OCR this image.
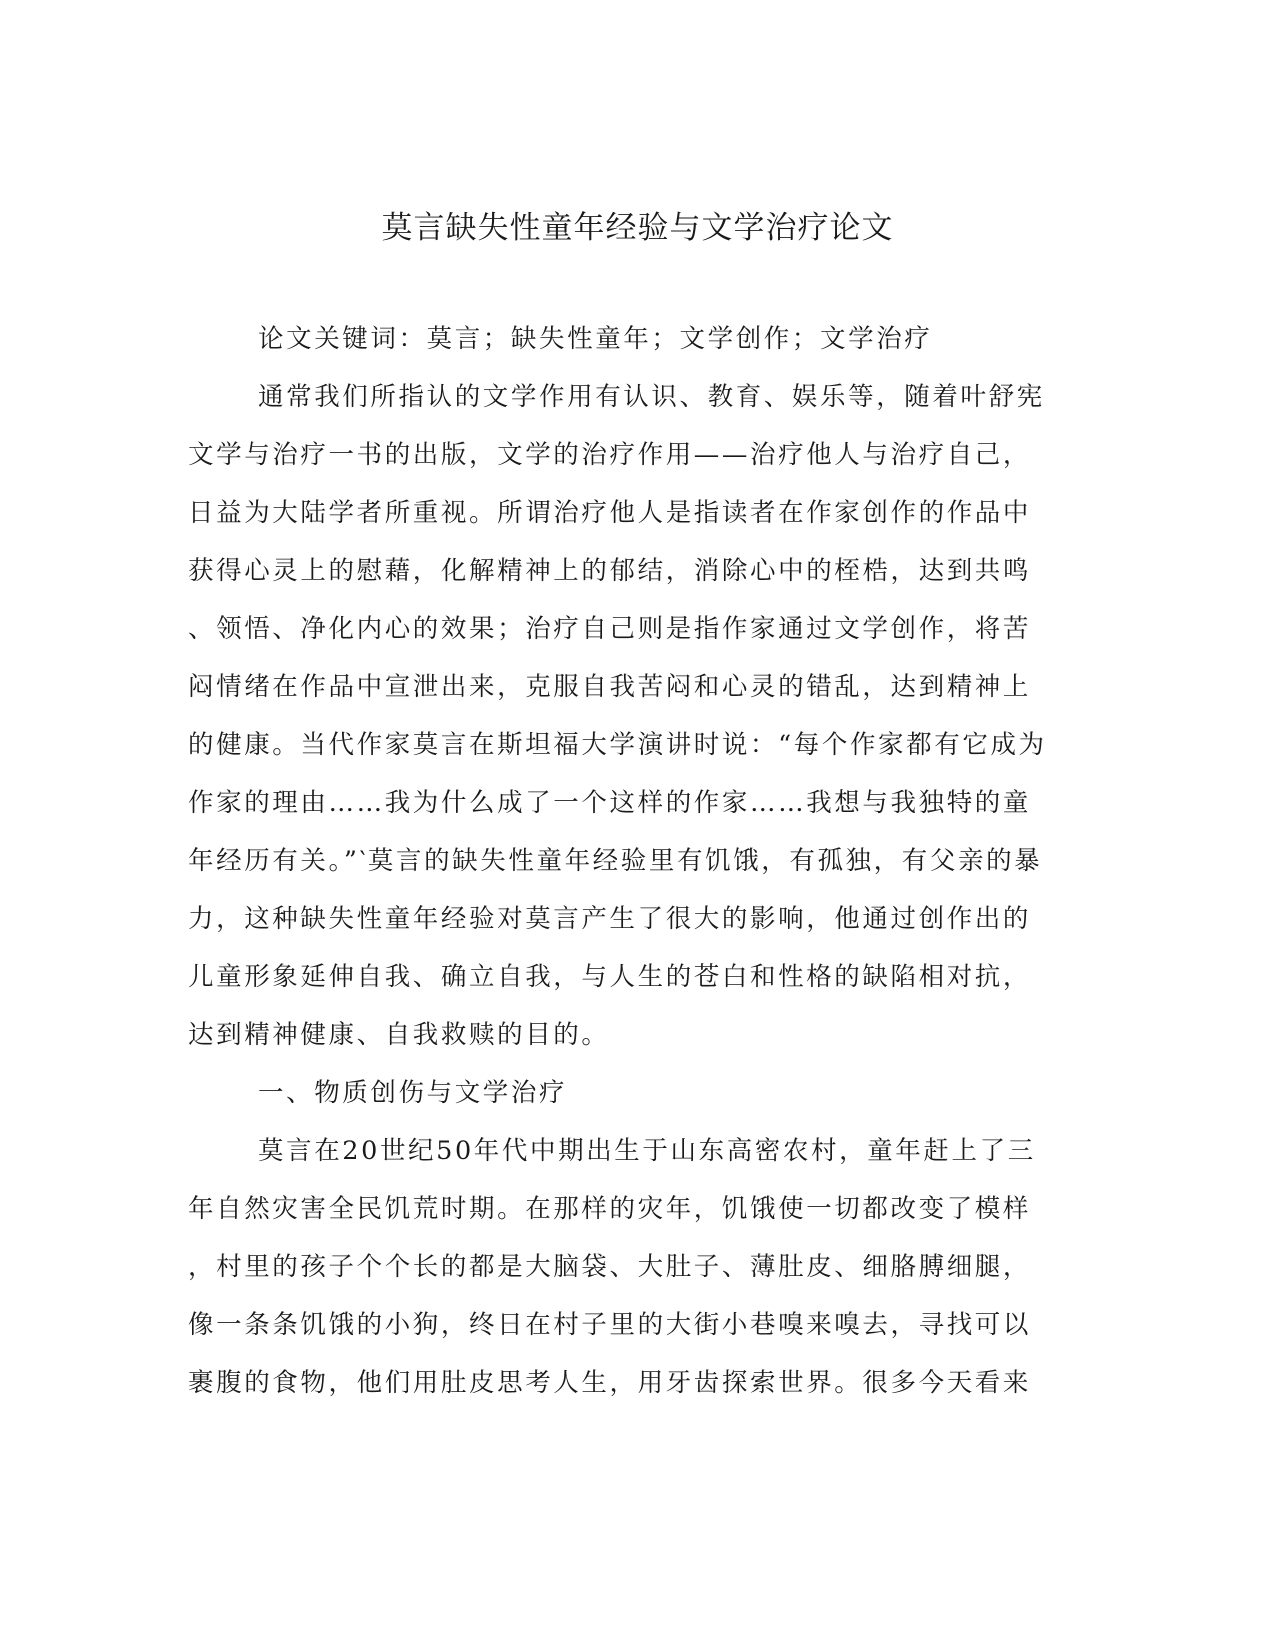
莫言缺失性童年经验与文学治疗论文
论文关键词：莫言；缺失性童年；文学创作；文学治疗
通常我们所指认的文学作用有认识、教育、娱乐等，随着叶舒宪
文学与治疗一书的出版，文学的治疗作用——治疗他人与治疗自己，
日益为大陆学者所重视。所谓治疗他人是指读者在作家创作的作品中
获得心灵上的慰藉，化解精神上的郁结，消除心中的桎梏，达到共鸣
、领悟、净化内心的效果；治疗自己则是指作家通过文学创作，将苦
闷情绪在作品中宣泄出来，克服自我苦闷和心灵的错乱，达到精神上
的健康。当代作家莫言在斯坦福大学演讲时说：“每个作家都有它成为
作家的理由……我为什么成了一个这样的作家……我想与我独特的童
年经历有关。”‵莫言的缺失性童年经验里有饥饿，有孤独，有父亲的暴
力，这种缺失性童年经验对莫言产生了很大的影响，他通过创作出的
儿童形象延伸自我、确立自我，与人生的苍白和性格的缺陷相对抗，
达到精神健康、自我救赎的目的。
一、物质创伤与文学治疗
莫言在20世纪50年代中期出生于山东高密农村，童年赶上了三
年自然灾害全民饥荒时期。在那样的灾年，饥饿使一切都改变了模样
，村里的孩子个个长的都是大脑袋、大肚子、薄肚皮、细胳膊细腿，
像一条条饥饿的小狗，终日在村子里的大街小巷嗅来嗅去，寻找可以
裹腹的食物，他们用肚皮思考人生，用牙齿探索世界。很多今天看来
